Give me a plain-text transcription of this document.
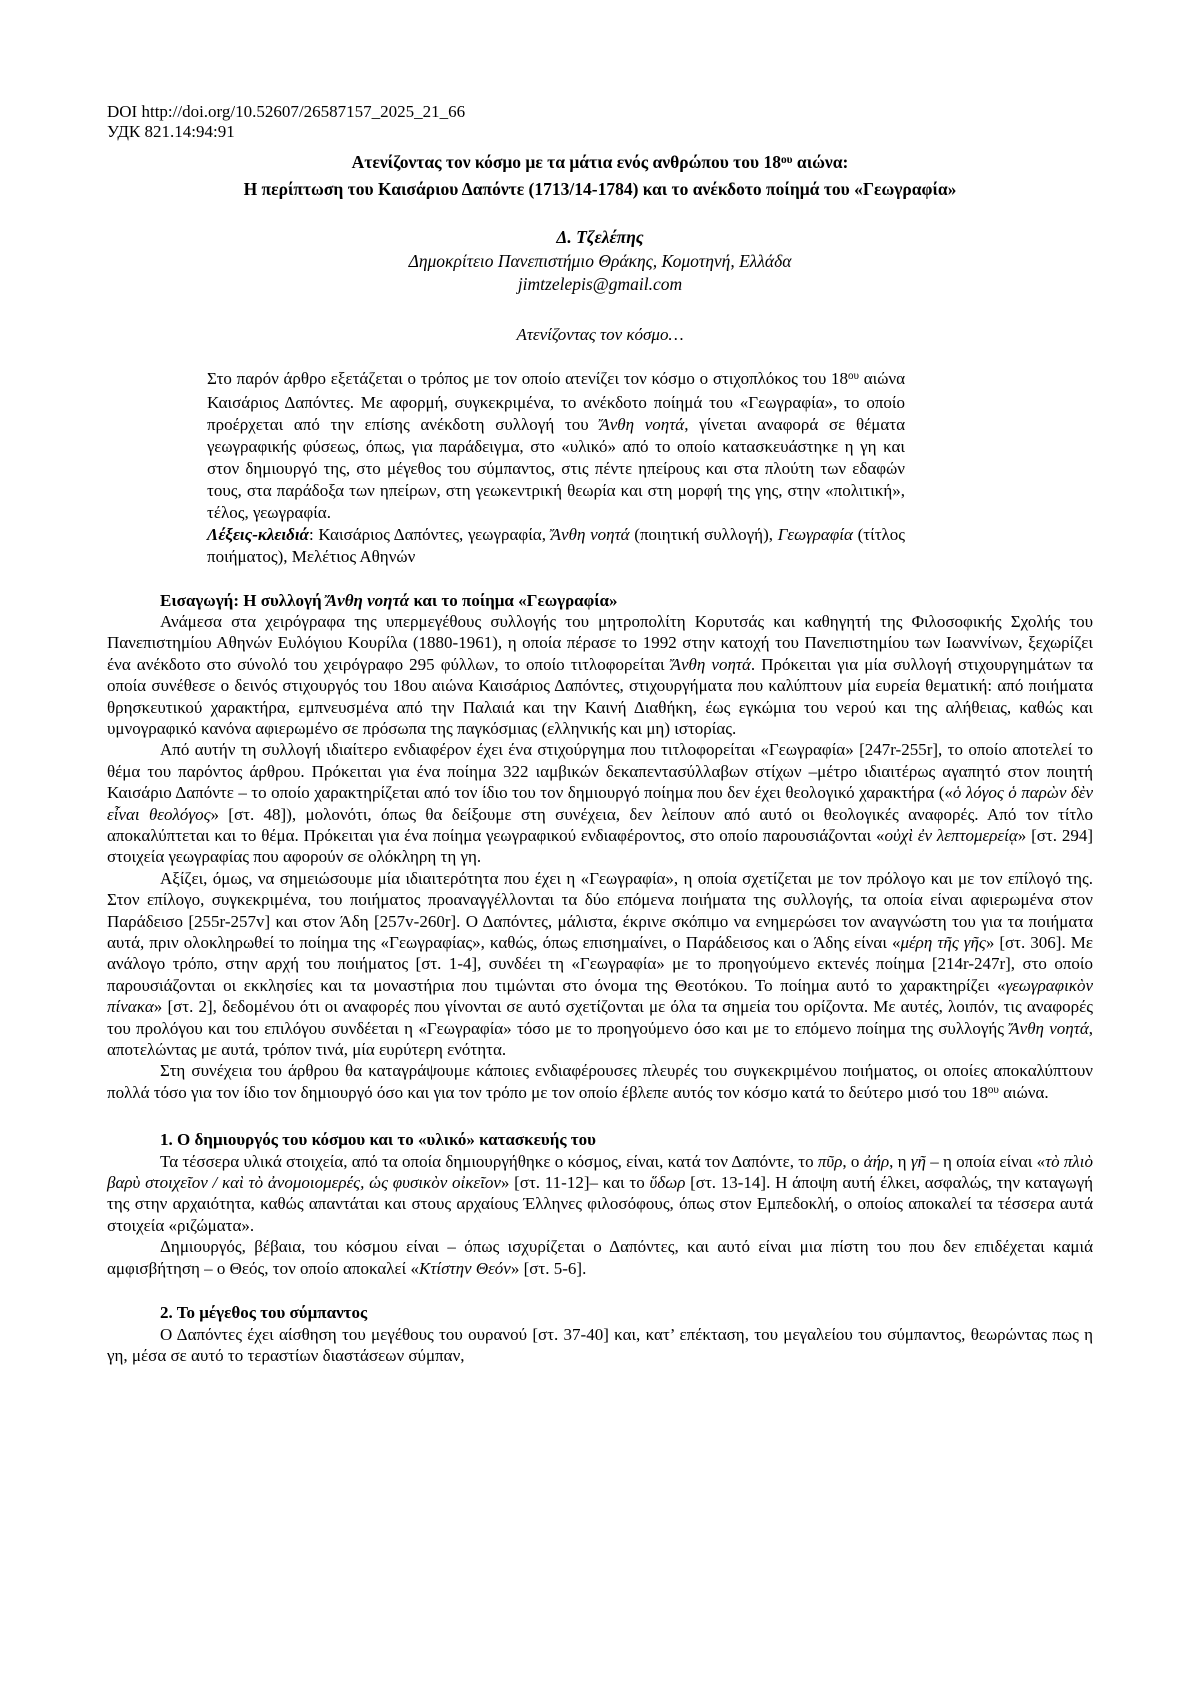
DOI http://doi.org/10.52607/26587157_2025_21_66
УДК 821.14:94:91
Ατενίζοντας τον κόσμο με τα μάτια ενός ανθρώπου του $18^{o\upsilon}$ αιώνα:
Η περίπτωση του Καισάριου Δαπόντε (1713/14-1784) και το ανέκδοτο ποίημά του «Γεωγραφία»
Δ. Τζελέπης
Δημοκρίτειο Πανεπιστήμιο Θράκης, Κομοτηνή, Ελλάδα
jimtzelepis@gmail.com
Ατενίζοντας τον κόσμο…

Στο παρόν άρθρο εξετάζεται ο τρόπος με τον οποίο ατενίζει τον κόσμο ο στιχοπλόκος του $18^{o\upsilon}$ αιώνα Καισάριος Δαπόντες. Με αφορμή, συγκεκριμένα, το ανέκδοτο ποίημά του «Γεωγραφία», το οποίο προέρχεται από την επίσης ανέκδοτη συλλογή του Ἄνθη νοητά, γίνεται αναφορά σε θέματα γεωγραφικής φύσεως, όπως, για παράδειγμα, στο «υλικό» από το οποίο κατασκευάστηκε η γη και στον δημιουργό της, στο μέγεθος του σύμπαντος, στις πέντε ηπείρους και στα πλούτη των εδαφών τους, στα παράδοξα των ηπείρων, στη γεωκεντρική θεωρία και στη μορφή της γης, στην «πολιτική», τέλος, γεωγραφία.

Λέξεις-κλειδιά: Καισάριος Δαπόντες, γεωγραφία, Ἄνθη νοητά (ποιητική συλλογή), Γεωγραφία (τίτλος ποιήματος), Μελέτιος Αθηνών

Εισαγωγή: Η συλλογή Ἄνθη νοητά και το ποίημα «Γεωγραφία»

Ανάμεσα στα χειρόγραφα της υπερμεγέθους συλλογής του μητροπολίτη Κορυτσάς και καθηγητή της Φιλοσοφικής Σχολής του Πανεπιστημίου Αθηνών Ευλόγιου Κουρίλα (1880-1961), η οποία πέρασε το 1992 στην κατοχή του Πανεπιστημίου των Ιωαννίνων, ξεχωρίζει ένα ανέκδοτο στο σύνολό του χειρόγραφο 295 φύλλων, το οποίο τιτλοφορείται Ἄνθη νοητά. Πρόκειται για μία συλλογή στιχουργημάτων τα οποία συνέθεσε ο δεινός στιχουργός του 18ου αιώνα Καισάριος Δαπόντες, στιχουργήματα που καλύπτουν μία ευρεία θεματική: από ποιήματα θρησκευτικού χαρακτήρα, εμπνευσμένα από την Παλαιά και την Καινή Διαθήκη, έως εγκώμια του νερού και της αλήθειας, καθώς και υμνογραφικό κανόνα αφιερωμένο σε πρόσωπα της παγκόσμιας (ελληνικής και μη) ιστορίας.

Από αυτήν τη συλλογή ιδιαίτερο ενδιαφέρον έχει ένα στιχούργημα που τιτλοφορείται «Γεωγραφία» [247r-255r], το οποίο αποτελεί το θέμα του παρόντος άρθρου. Πρόκειται για ένα ποίημα 322 ιαμβικών δεκαπεντασύλλαβων στίχων –μέτρο ιδιαιτέρως αγαπητό στον ποιητή Καισάριο Δαπόντε – το οποίο χαρακτηρίζεται από τον ίδιο του τον δημιουργό ποίημα που δεν έχει θεολογικό χαρακτήρα («ὁ λόγος ὁ παρὼν δὲν εἶναι θεολόγος» [στ. 48]), μολονότι, όπως θα δείξουμε στη συνέχεια, δεν λείπουν από αυτό οι θεολογικές αναφορές. Από τον τίτλο αποκαλύπτεται και το θέμα. Πρόκειται για ένα ποίημα γεωγραφικού ενδιαφέροντος, στο οποίο παρουσιάζονται «οὐχὶ ἐν λεπτομερείᾳ» [στ. 294] στοιχεία γεωγραφίας που αφορούν σε ολόκληρη τη γη.

Αξίζει, όμως, να σημειώσουμε μία ιδιαιτερότητα που έχει η «Γεωγραφία», η οποία σχετίζεται με τον πρόλογο και με τον επίλογό της. Στον επίλογο, συγκεκριμένα, του ποιήματος προαναγγέλλονται τα δύο επόμενα ποιήματα της συλλογής, τα οποία είναι αφιερωμένα στον Παράδεισο [255r-257v] και στον Άδη [257v-260r]. Ο Δαπόντες, μάλιστα, έκρινε σκόπιμο να ενημερώσει τον αναγνώστη του για τα ποιήματα αυτά, πριν ολοκληρωθεί το ποίημα της «Γεωγραφίας», καθώς, όπως επισημαίνει, ο Παράδεισος και ο Άδης είναι «μέρη τῆς γῆς» [στ. 306]. Με ανάλογο τρόπο, στην αρχή του ποιήματος [στ. 1-4], συνδέει τη «Γεωγραφία» με το προηγούμενο εκτενές ποίημα [214r-247r], στο οποίο παρουσιάζονται οι εκκλησίες και τα μοναστήρια που τιμώνται στο όνομα της Θεοτόκου. Το ποίημα αυτό το χαρακτηρίζει «γεωγραφικὸν πίνακα» [στ. 2], δεδομένου ότι οι αναφορές που γίνονται σε αυτό σχετίζονται με όλα τα σημεία του ορίζοντα. Με αυτές, λοιπόν, τις αναφορές του προλόγου και του επιλόγου συνδέεται η «Γεωγραφία» τόσο με το προηγούμενο όσο και με το επόμενο ποίημα της συλλογής Ἄνθη νοητά, αποτελώντας με αυτά, τρόπον τινά, μία ευρύτερη ενότητα.

Στη συνέχεια του άρθρου θα καταγράψουμε κάποιες ενδιαφέρουσες πλευρές του συγκεκριμένου ποιήματος, οι οποίες αποκαλύπτουν πολλά τόσο για τον ίδιο τον δημιουργό όσο και για τον τρόπο με τον οποίο έβλεπε αυτός τον κόσμο κατά το δεύτερο μισό του $18^{o\upsilon}$ αιώνα.

1. Ο δημιουργός του κόσμου και το «υλικό» κατασκευής του

Τα τέσσερα υλικά στοιχεία, από τα οποία δημιουργήθηκε ο κόσμος, είναι, κατά τον Δαπόντε, το πῦρ, ο ἀήρ, η γῆ – η οποία είναι «τὸ πλιὸ βαρὺ στοιχεῖον / καὶ τὸ ἀνομοιομερές, ὡς φυσικὸν οἰκεῖον» [στ. 11-12]– και το ὕδωρ [στ. 13-14]. Η άποψη αυτή έλκει, ασφαλώς, την καταγωγή της στην αρχαιότητα, καθώς απαντάται και στους αρχαίους Έλληνες φιλοσόφους, όπως στον Εμπεδοκλή, ο οποίος αποκαλεί τα τέσσερα αυτά στοιχεία «ριζώματα».

Δημιουργός, βέβαια, του κόσμου είναι – όπως ισχυρίζεται ο Δαπόντες, και αυτό είναι μια πίστη του που δεν επιδέχεται καμιά αμφισβήτηση – ο Θεός, τον οποίο αποκαλεί «Κτίστην Θεόν» [στ. 5-6].

2. Το μέγεθος του σύμπαντος

Ο Δαπόντες έχει αίσθηση του μεγέθους του ουρανού [στ. 37-40] και, κατ’ επέκταση, του μεγαλείου του σύμπαντος, θεωρώντας πως η γη, μέσα σε αυτό το τεραστίων διαστάσεων σύμπαν,
